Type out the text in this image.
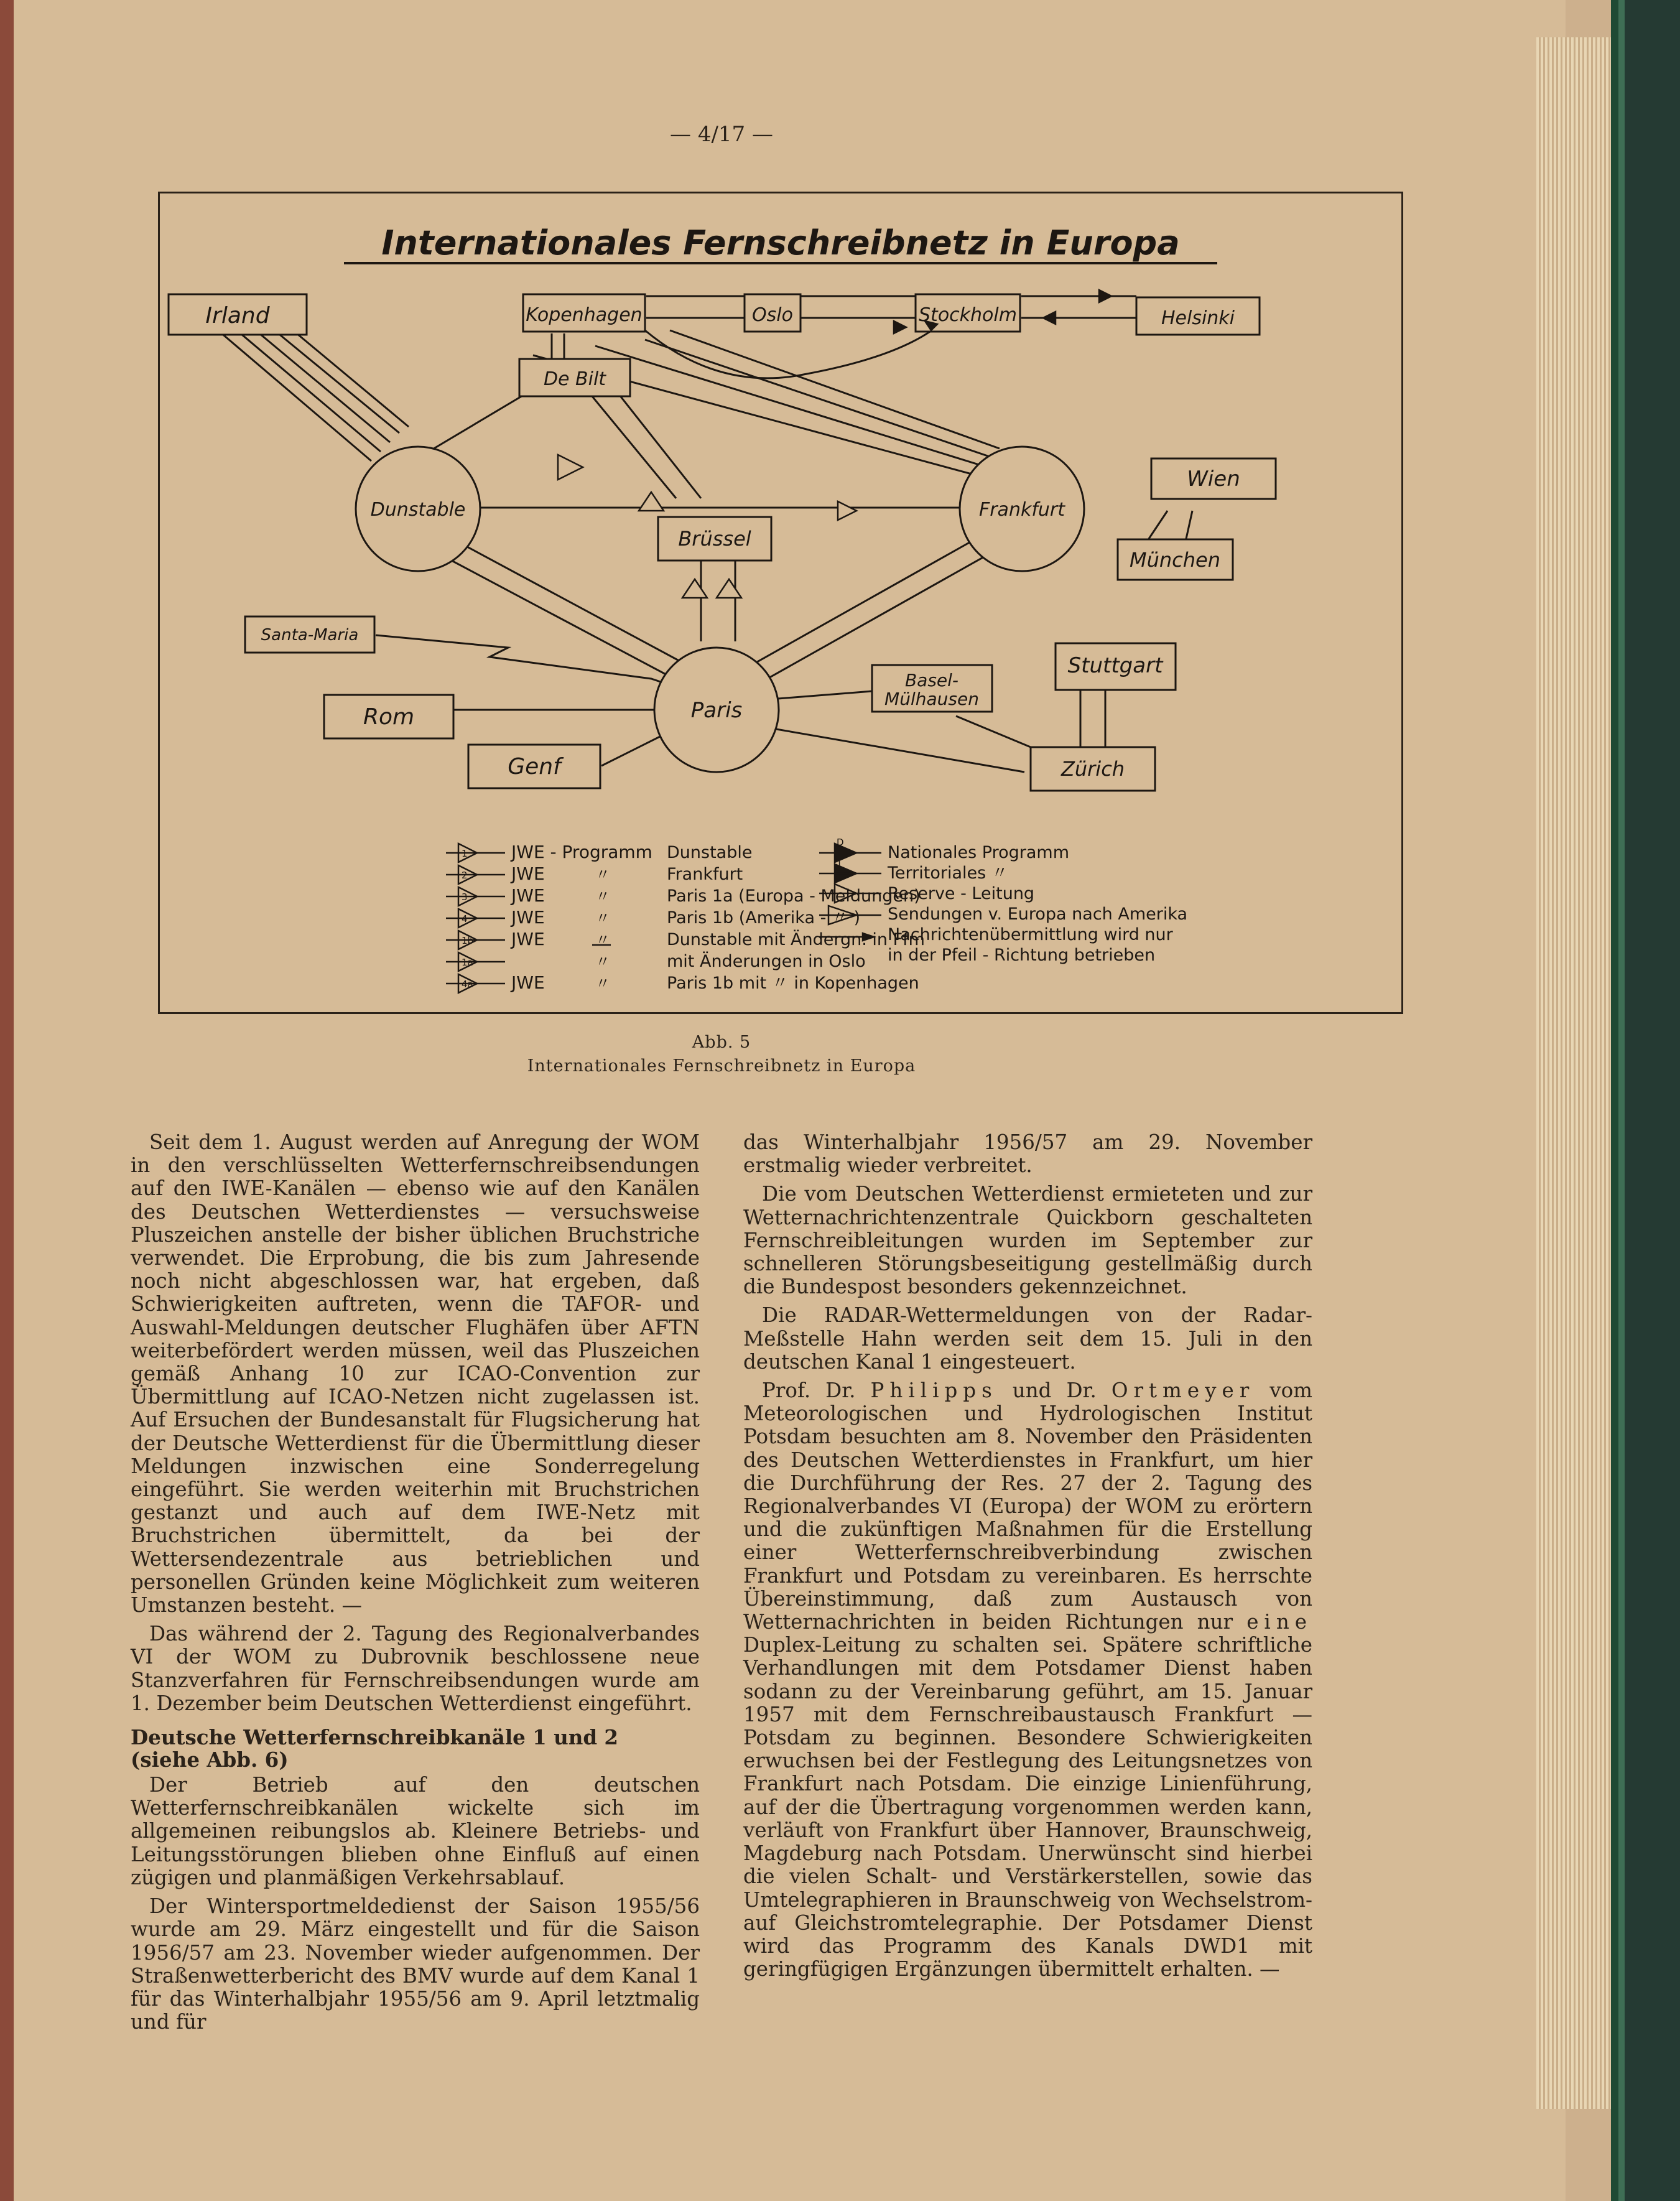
— 4/17 —
Internationales Fernschreibnetz in Europa
Irland	Kopenhagen	Oslo	Stockholm	Helsinki
De Bilt
Dunstable	Frankfurt
Wien
München
Brüssel
Santa-Maria
Paris
Rom
Genf
Basel-
Mülhausen
Stuttgart
Zürich
1	JWE - Programm Dunstable
2	JWE	〃	Frankfurt
3	JWE	〃	Paris 1a (Europa - Meldungen)
4	JWE	〃	Paris 1b (Amerika - 〃 )
1b JWE	〃	Dunstable mit Ändergn. in Ffm
1a	〃	mit Änderungen in Oslo
4a JWE	〃	Paris 1b mit 〃 in Kopenhagen
D
Nationales Programm
T
Territoriales 〃
Reserve - Leitung
Sendungen v. Europa nach Amerika
Nachrichtenübermittlung wird nur
in der Pfeil - Richtung betrieben
Abb. 5
Internationales Fernschreibnetz in Europa

Seit dem 1. August werden auf Anregung der WOM in den verschlüsselten Wetterfernschreibsendungen auf den IWE-Kanälen — ebenso wie auf den Kanälen des Deutschen Wetterdienstes — versuchsweise Pluszeichen anstelle der bisher üblichen Bruchstriche verwendet. Die Erprobung, die bis zum Jahresende noch nicht abgeschlossen war, hat ergeben, daß Schwierigkeiten auftreten, wenn die TAFOR- und Auswahl-Meldungen deutscher Flughäfen über AFTN weiterbefördert werden müssen, weil das Pluszeichen gemäß Anhang 10 zur ICAO-Convention zur Übermittlung auf ICAO-Netzen nicht zugelassen ist. Auf Ersuchen der Bundesanstalt für Flugsicherung hat der Deutsche Wetterdienst für die Übermittlung dieser Meldungen inzwischen eine Sonderregelung eingeführt. Sie werden weiterhin mit Bruchstrichen gestanzt und auch auf dem IWE-Netz mit Bruchstrichen übermittelt, da bei der Wettersendezentrale aus betrieblichen und personellen Gründen keine Möglichkeit zum weiteren Umstanzen besteht. —

Das während der 2. Tagung des Regionalverbandes VI der WOM zu Dubrovnik beschlossene neue Stanzverfahren für Fernschreibsendungen wurde am 1. Dezember beim Deutschen Wetterdienst eingeführt.

Deutsche Wetterfernschreibkanäle 1 und 2
(siehe Abb. 6)

Der Betrieb auf den deutschen Wetterfernschreibkanälen wickelte sich im allgemeinen reibungslos ab. Kleinere Betriebs- und Leitungsstörungen blieben ohne Einfluß auf einen zügigen und planmäßigen Verkehrsablauf.

Der Wintersportmeldedienst der Saison 1955/56 wurde am 29. März eingestellt und für die Saison 1956/57 am 23. November wieder aufgenommen. Der Straßenwetterbericht des BMV wurde auf dem Kanal 1 für das Winterhalbjahr 1955/56 am 9. April letztmalig und für

das Winterhalbjahr 1956/57 am 29. November erstmalig wieder verbreitet.

Die vom Deutschen Wetterdienst ermieteten und zur Wetternachrichtenzentrale Quickborn geschalteten Fernschreibleitungen wurden im September zur schnelleren Störungsbeseitigung gestellmäßig durch die Bundespost besonders gekennzeichnet.

Die RADAR-Wettermeldungen von der Radar-Meßstelle Hahn werden seit dem 15. Juli in den deutschen Kanal 1 eingesteuert.

Prof. Dr. Philipps und Dr. Ortmeyer vom Meteorologischen und Hydrologischen Institut Potsdam besuchten am 8. November den Präsidenten des Deutschen Wetterdienstes in Frankfurt, um hier die Durchführung der Res. 27 der 2. Tagung des Regionalverbandes VI (Europa) der WOM zu erörtern und die zukünftigen Maßnahmen für die Erstellung einer Wetterfernschreibverbindung zwischen Frankfurt und Potsdam zu vereinbaren. Es herrschte Übereinstimmung, daß zum Austausch von Wetternachrichten in beiden Richtungen nur eine Duplex-Leitung zu schalten sei. Spätere schriftliche Verhandlungen mit dem Potsdamer Dienst haben sodann zu der Vereinbarung geführt, am 15. Januar 1957 mit dem Fernschreibaustausch Frankfurt — Potsdam zu beginnen. Besondere Schwierigkeiten erwuchsen bei der Festlegung des Leitungsnetzes von Frankfurt nach Potsdam. Die einzige Linienführung, auf der die Übertragung vorgenommen werden kann, verläuft von Frankfurt über Hannover, Braunschweig, Magdeburg nach Potsdam. Unerwünscht sind hierbei die vielen Schalt- und Verstärkerstellen, sowie das Umtelegraphieren in Braunschweig von Wechselstrom- auf Gleichstromtelegraphie. Der Potsdamer Dienst wird das Programm des Kanals DWD1 mit geringfügigen Ergänzungen übermittelt erhalten. —
